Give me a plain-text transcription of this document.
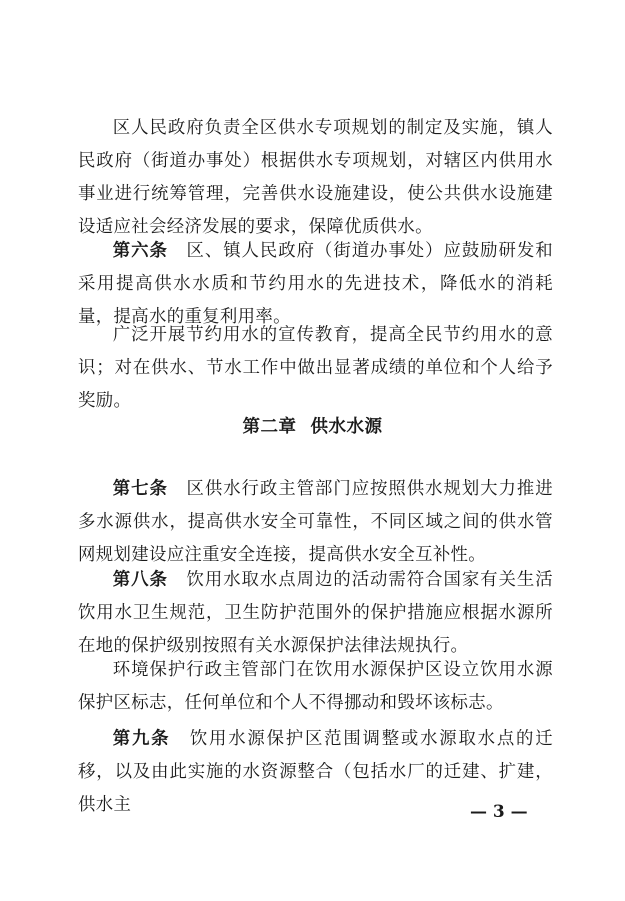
区人民政府负责全区供水专项规划的制定及实施，镇人民政府（街道办事处）根据供水专项规划，对辖区内供用水事业进行统筹管理，完善供水设施建设，使公共供水设施建设适应社会经济发展的要求，保障优质供水。

第六条 区、镇人民政府（街道办事处）应鼓励研发和采用提高供水水质和节约用水的先进技术，降低水的消耗量，提高水的重复利用率。

广泛开展节约用水的宣传教育，提高全民节约用水的意识；对在供水、节水工作中做出显著成绩的单位和个人给予奖励。

第二章 供水水源

第七条 区供水行政主管部门应按照供水规划大力推进多水源供水，提高供水安全可靠性，不同区域之间的供水管网规划建设应注重安全连接，提高供水安全互补性。

第八条 饮用水取水点周边的活动需符合国家有关生活饮用水卫生规范，卫生防护范围外的保护措施应根据水源所在地的保护级别按照有关水源保护法律法规执行。

环境保护行政主管部门在饮用水源保护区设立饮用水源保护区标志，任何单位和个人不得挪动和毁坏该标志。

第九条 饮用水源保护区范围调整或水源取水点的迁移，以及由此实施的水资源整合（包括水厂的迁建、扩建，供水主	— 3 —
